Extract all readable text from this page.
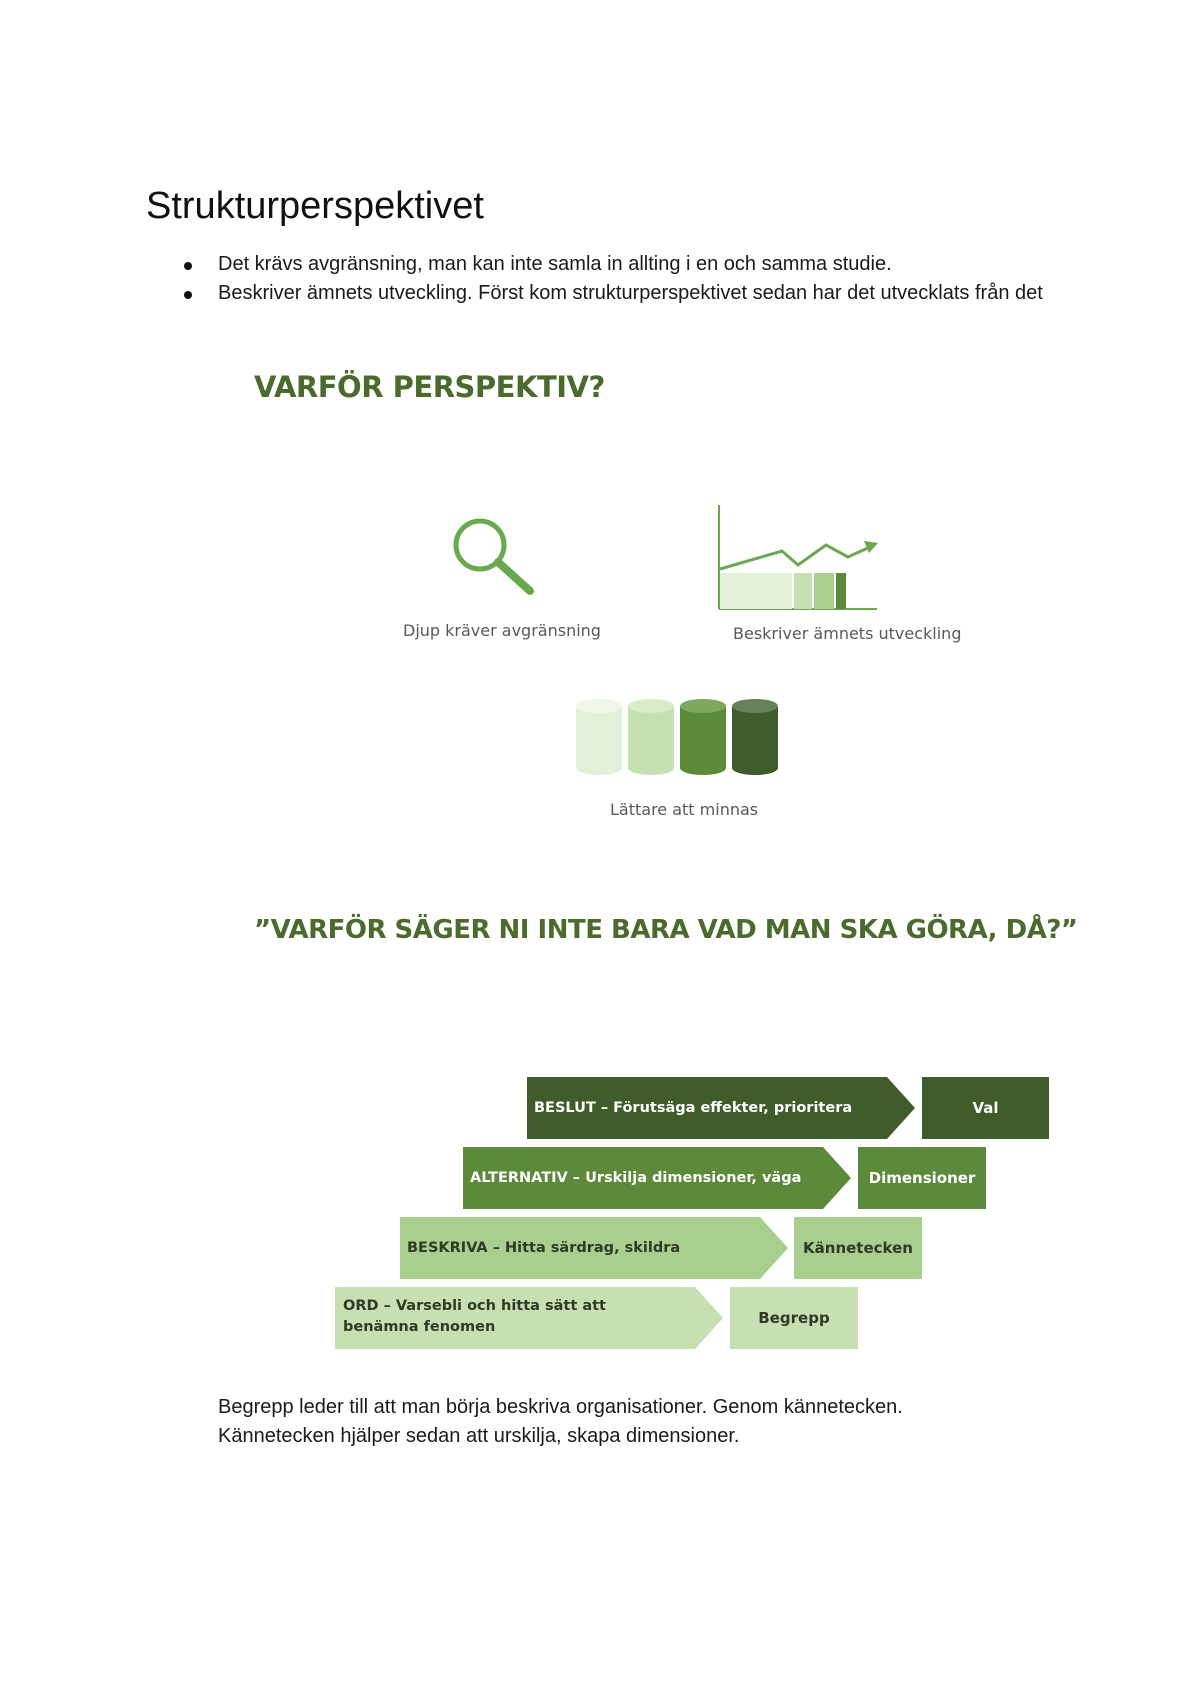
Strukturperspektivet
Det krävs avgränsning, man kan inte samla in allting i en och samma studie.
Beskriver ämnets utveckling. Först kom strukturperspektivet sedan har det utvecklats från det
VARFÖR PERSPEKTIV?
Djup kräver avgränsning	Beskriver ämnets utveckling
Lättare att minnas
”VARFÖR SÄGER NI INTE BARA VAD MAN SKA GÖRA, DÅ?”
BESLUT – Förutsäga effekter, prioritera	Val
ALTERNATIV – Urskilja dimensioner, väga	Dimensioner
BESKRIVA – Hitta särdrag, skildra	Kännetecken
ORD – Varsebli och hitta sätt att benämna fenomen	Begrepp

Begrepp leder till att man börja beskriva organisationer. Genom kännetecken.
Kännetecken hjälper sedan att urskilja, skapa dimensioner.
